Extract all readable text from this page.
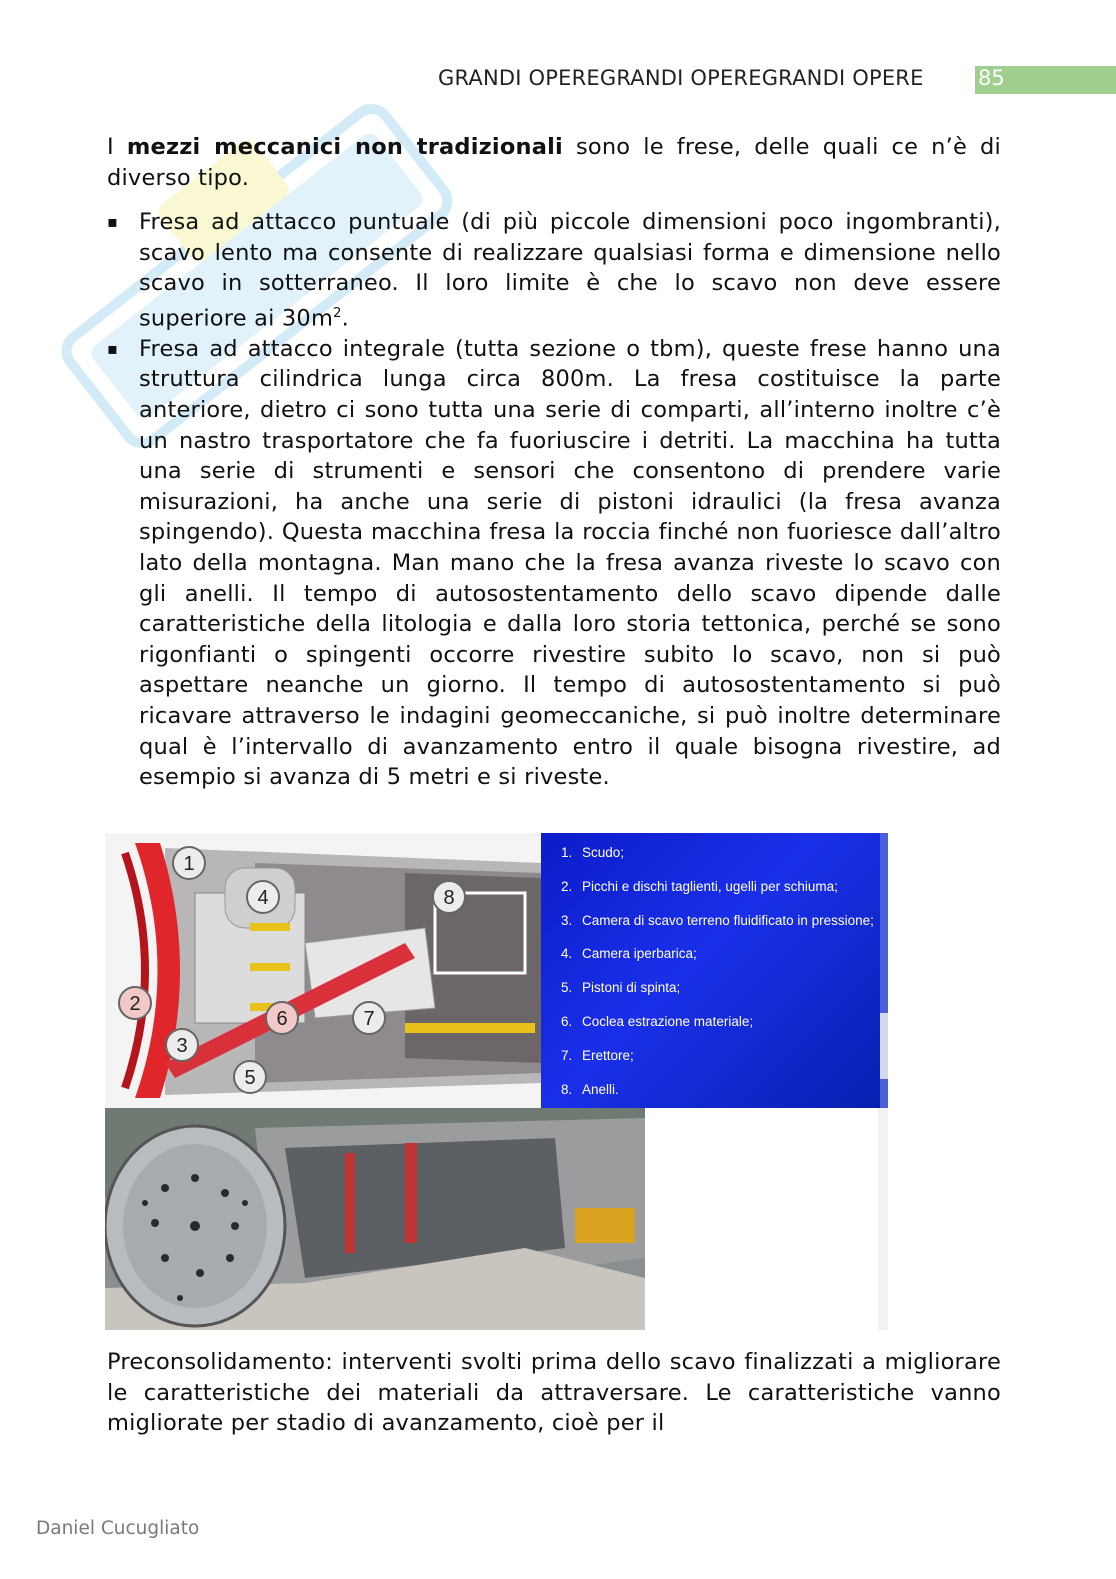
GRANDI OPEREGRANDI OPEREGRANDI OPERE	85

I mezzi meccanici non tradizionali sono le frese, delle quali ce n’è di diverso tipo.

▪ Fresa ad attacco puntuale (di più piccole dimensioni poco ingombranti), scavo lento ma consente di realizzare qualsiasi forma e dimensione nello scavo in sotterraneo. Il loro limite è che lo scavo non deve essere superiore ai $30m^2$.
▪ Fresa ad attacco integrale (tutta sezione o tbm), queste frese hanno una struttura cilindrica lunga circa 800m. La fresa costituisce la parte anteriore, dietro ci sono tutta una serie di comparti, all’interno inoltre c’è un nastro trasportatore che fa fuoriuscire i detriti. La macchina ha tutta una serie di strumenti e sensori che consentono di prendere varie misurazioni, ha anche una serie di pistoni idraulici (la fresa avanza spingendo). Questa macchina fresa la roccia finché non fuoriesce dall’altro lato della montagna. Man mano che la fresa avanza riveste lo scavo con gli anelli. Il tempo di autosostentamento dello scavo dipende dalle caratteristiche della litologia e dalla loro storia tettonica, perché se sono rigonfianti o spingenti occorre rivestire subito lo scavo, non si può aspettare neanche un giorno. Il tempo di autosostentamento si può ricavare attraverso le indagini geomeccaniche, si può inoltre determinare qual è l’intervallo di avanzamento entro il quale bisogna rivestire, ad esempio si avanza di 5 metri e si riveste.
1
2
3
4
5
6	7
8
1. Scudo;
2. Picchi e dischi taglienti, ugelli per schiuma;
3. Camera di scavo terreno fluidificato in pressione;
4. Camera iperbarica;
5. Pistoni di spinta;
6. Coclea estrazione materiale;
7. Erettore;
8. Anelli.

Preconsolidamento: interventi svolti prima dello scavo finalizzati a migliorare le caratteristiche dei materiali da attraversare. Le caratteristiche vanno migliorate per stadio di avanzamento, cioè per il

Daniel Cucugliato
